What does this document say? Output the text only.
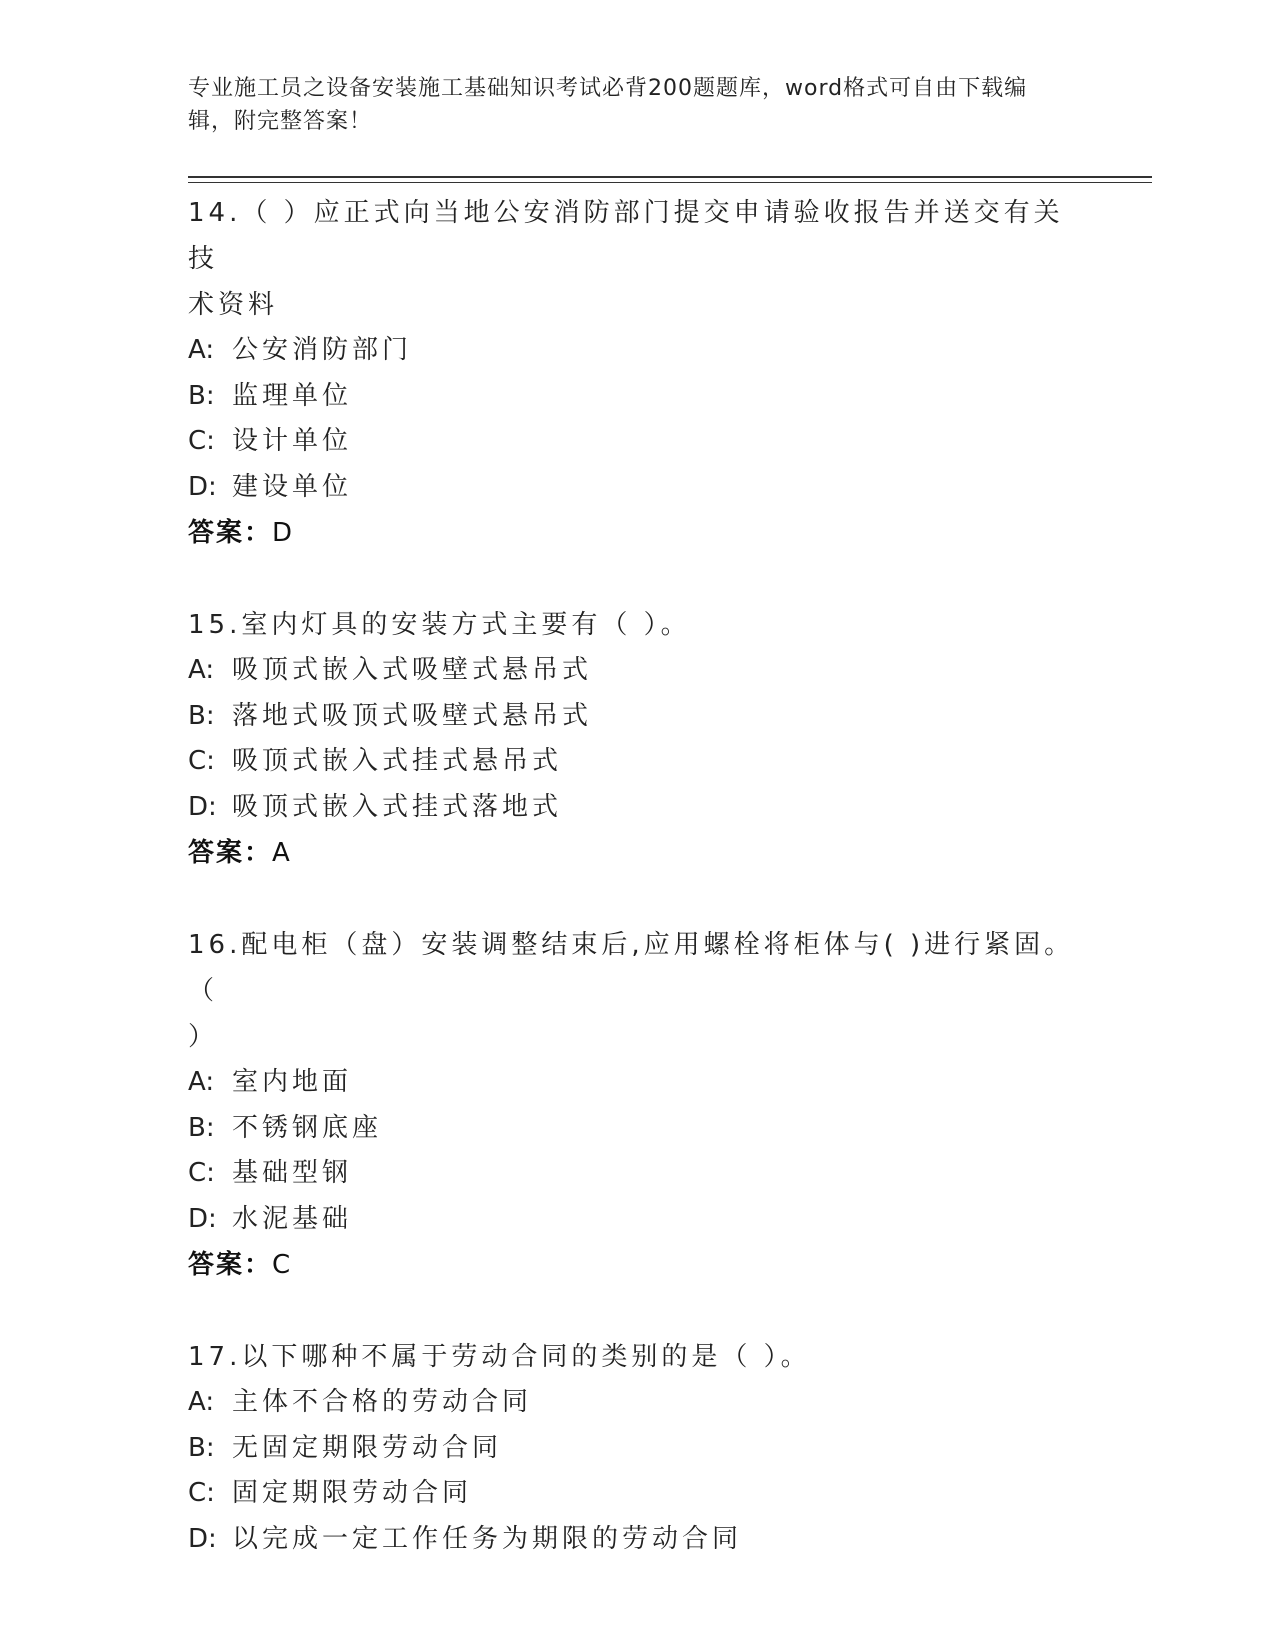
专业施工员之设备安装施工基础知识考试必背200题题库，word格式可自由下载编辑，附完整答案！
14.（ ）应正式向当地公安消防部门提交申请验收报告并送交有关技
术资料
A: 公安消防部门
B: 监理单位
C: 设计单位
D: 建设单位
答案：D
15.室内灯具的安装方式主要有（ ）。
A: 吸顶式嵌入式吸壁式悬吊式
B: 落地式吸顶式吸壁式悬吊式
C: 吸顶式嵌入式挂式悬吊式
D: 吸顶式嵌入式挂式落地式
答案：A
16.配电柜（盘）安装调整结束后,应用螺栓将柜体与( )进行紧固。（
）
A: 室内地面
B: 不锈钢底座
C: 基础型钢
D: 水泥基础
答案：C
17.以下哪种不属于劳动合同的类别的是（ ）。
A: 主体不合格的劳动合同
B: 无固定期限劳动合同
C: 固定期限劳动合同
D: 以完成一定工作任务为期限的劳动合同
